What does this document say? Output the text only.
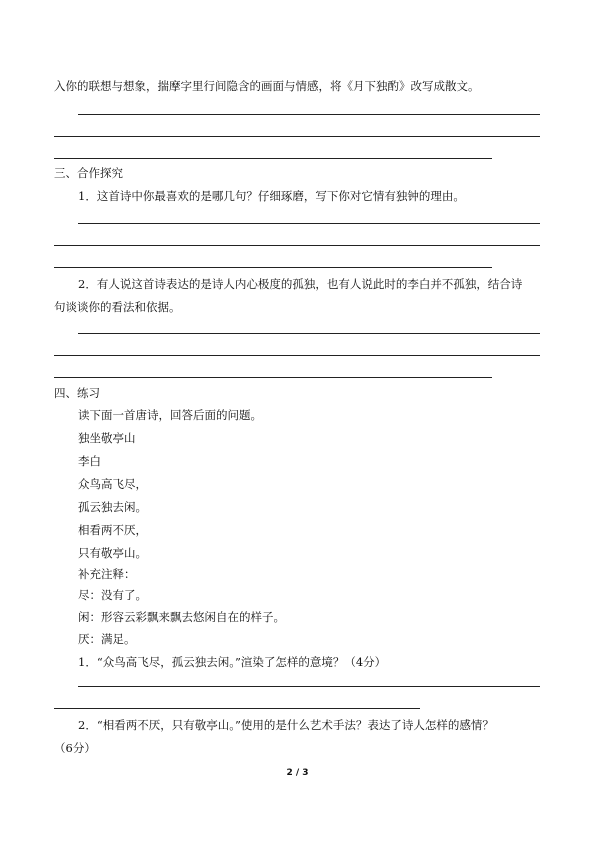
入你的联想与想象，揣摩字里行间隐含的画面与情感，将《月下独酌》改写成散文。
三、合作探究
1．这首诗中你最喜欢的是哪几句？仔细琢磨，写下你对它情有独钟的理由。
2．有人说这首诗表达的是诗人内心极度的孤独，也有人说此时的李白并不孤独，结合诗
句谈谈你的看法和依据。
四、练习
读下面一首唐诗，回答后面的问题。
独坐敬亭山
李白
众鸟高飞尽，
孤云独去闲。
相看两不厌，
只有敬亭山。
补充注释：
尽：没有了。
闲：形容云彩飘来飘去悠闲自在的样子。
厌：满足。
1．“众鸟高飞尽，孤云独去闲。”渲染了怎样的意境？（4分）
2．“相看两不厌，只有敬亭山。”使用的是什么艺术手法？表达了诗人怎样的感情？
（6分）
2 / 3
